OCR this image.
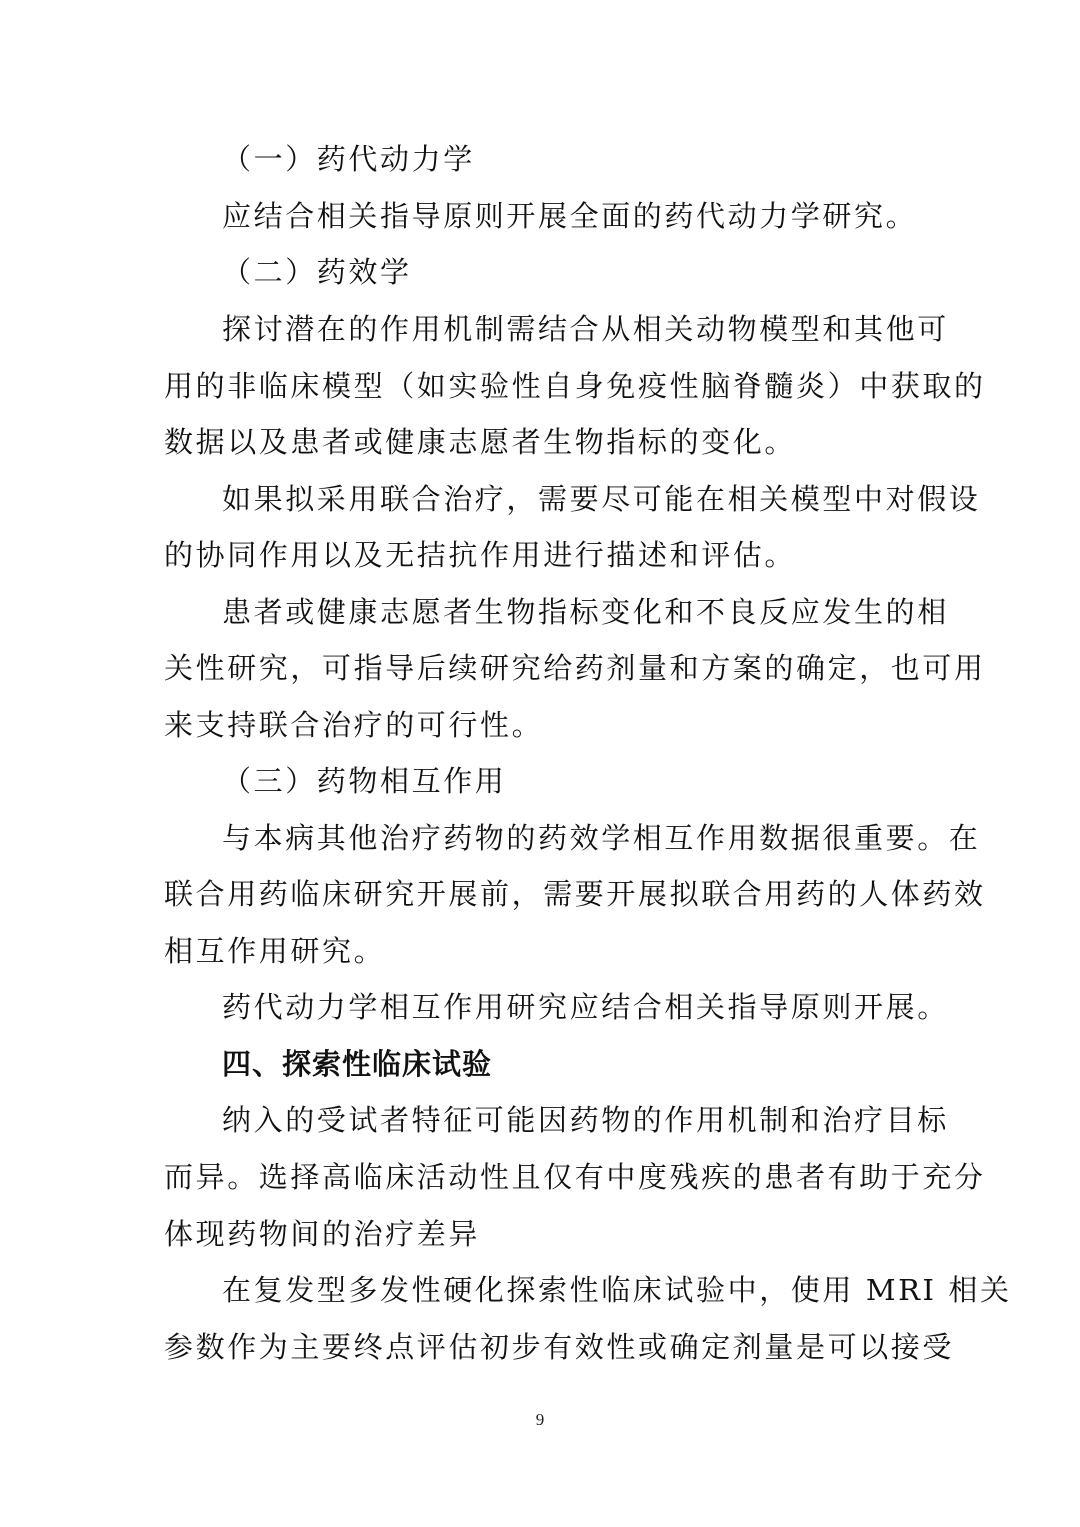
（一）药代动力学
应结合相关指导原则开展全面的药代动力学研究。
（二）药效学
探讨潜在的作用机制需结合从相关动物模型和其他可
用的非临床模型（如实验性自身免疫性脑脊髓炎）中获取的
数据以及患者或健康志愿者生物指标的变化。
如果拟采用联合治疗，需要尽可能在相关模型中对假设
的协同作用以及无拮抗作用进行描述和评估。
患者或健康志愿者生物指标变化和不良反应发生的相
关性研究，可指导后续研究给药剂量和方案的确定，也可用
来支持联合治疗的可行性。
（三）药物相互作用
与本病其他治疗药物的药效学相互作用数据很重要。在
联合用药临床研究开展前，需要开展拟联合用药的人体药效
相互作用研究。
药代动力学相互作用研究应结合相关指导原则开展。
四、探索性临床试验
纳入的受试者特征可能因药物的作用机制和治疗目标
而异。选择高临床活动性且仅有中度残疾的患者有助于充分
体现药物间的治疗差异
在复发型多发性硬化探索性临床试验中，使用 MRI 相关
参数作为主要终点评估初步有效性或确定剂量是可以接受
9
